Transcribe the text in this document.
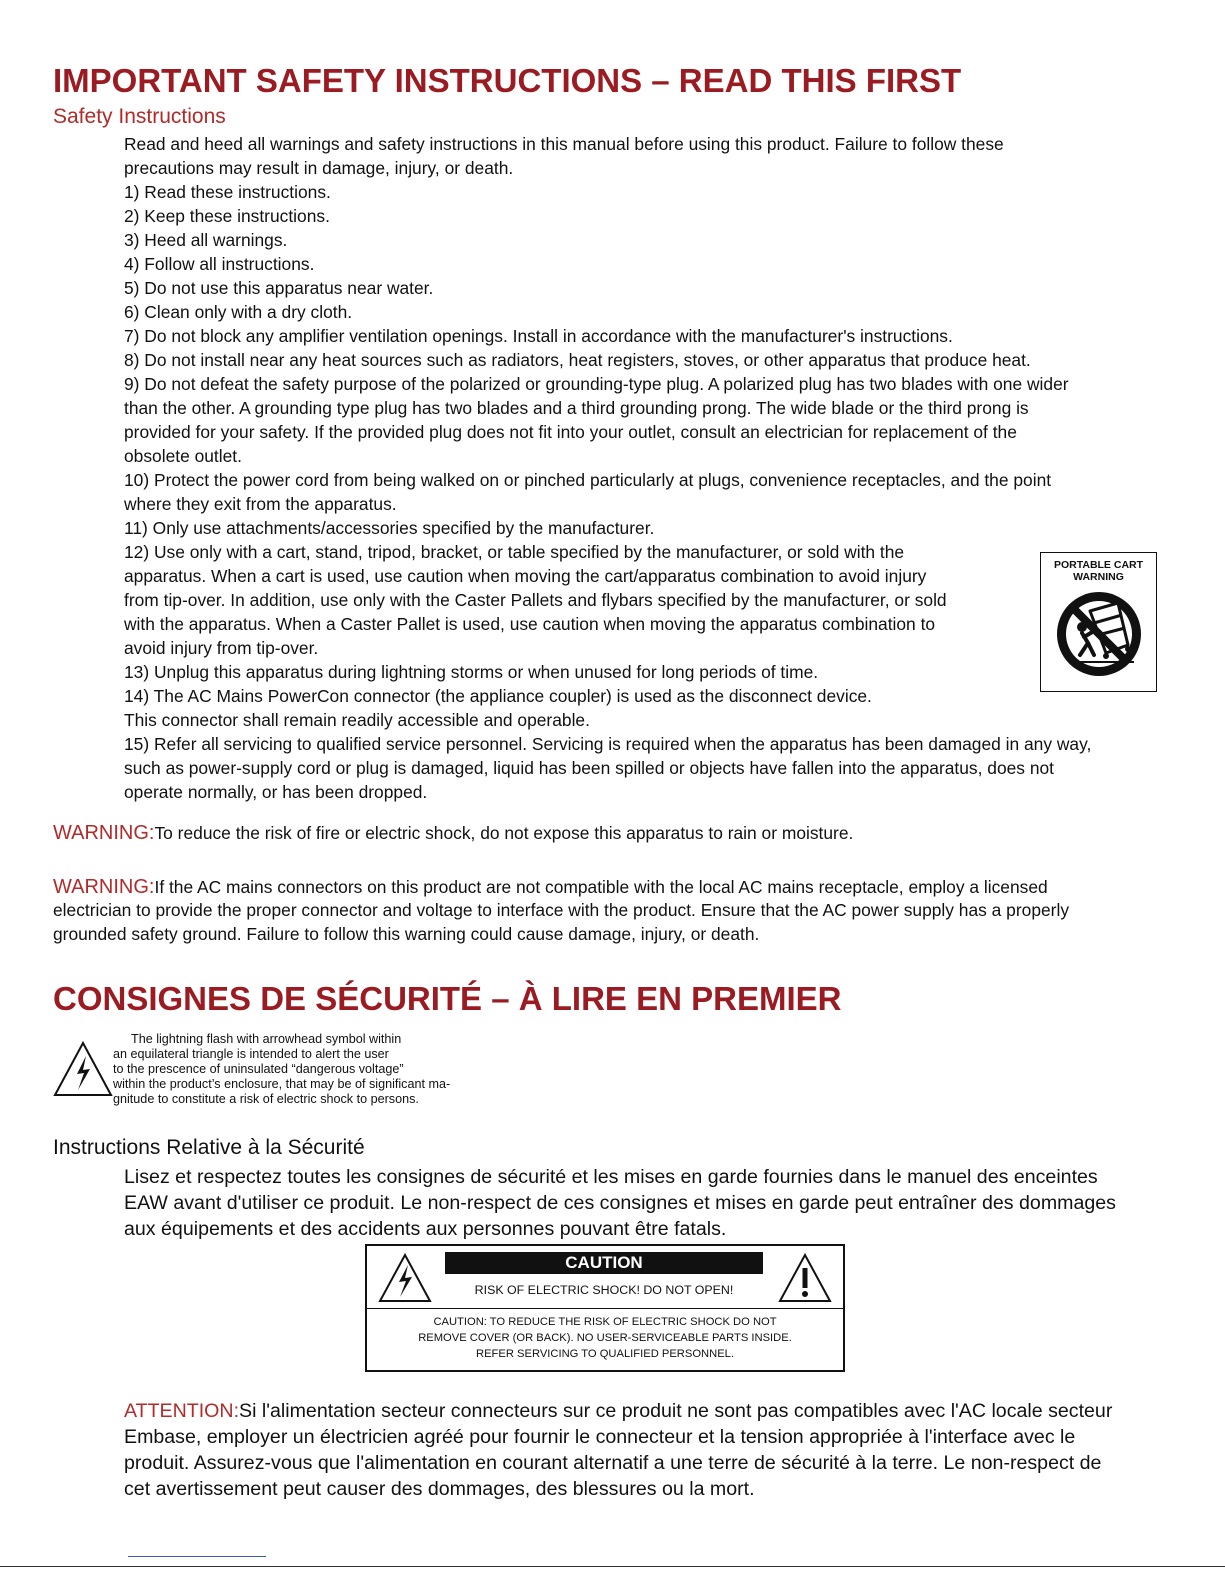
IMPORTANT SAFETY INSTRUCTIONS – READ THIS FIRST
Safety Instructions
Read and heed all warnings and safety instructions in this manual before using this product. Failure to follow these
precautions may result in damage, injury, or death.
1) Read these instructions.
2) Keep these instructions.
3) Heed all warnings.
4) Follow all instructions.
5) Do not use this apparatus near water.
6) Clean only with a dry cloth.
7) Do not block any amplifier ventilation openings. Install in accordance with the manufacturer's instructions.
8) Do not install near any heat sources such as radiators, heat registers, stoves, or other apparatus that produce heat.
9) Do not defeat the safety purpose of the polarized or grounding-type plug. A polarized plug has two blades with one wider
than the other. A grounding type plug has two blades and a third grounding prong. The wide blade or the third prong is
provided for your safety. If the provided plug does not fit into your outlet, consult an electrician for replacement of the
obsolete outlet.
10) Protect the power cord from being walked on or pinched particularly at plugs, convenience receptacles, and the point
where they exit from the apparatus.
11) Only use attachments/accessories specified by the manufacturer.
12) Use only with a cart, stand, tripod, bracket, or table specified by the manufacturer, or sold with the
apparatus. When a cart is used, use caution when moving the cart/apparatus combination to avoid injury
from tip-over. In addition, use only with the Caster Pallets and flybars specified by the manufacturer, or sold
with the apparatus. When a Caster Pallet is used, use caution when moving the apparatus combination to
avoid injury from tip-over.
13) Unplug this apparatus during lightning storms or when unused for long periods of time.
14) The AC Mains PowerCon connector (the appliance coupler) is used as the disconnect device.
This connector shall remain readily accessible and operable.
15) Refer all servicing to qualified service personnel. Servicing is required when the apparatus has been damaged in any way,
such as power-supply cord or plug is damaged, liquid has been spilled or objects have fallen into the apparatus, does not
operate normally, or has been dropped.
PORTABLE CART
WARNING
WARNING:To reduce the risk of fire or electric shock, do not expose this apparatus to rain or moisture.
WARNING:If the AC mains connectors on this product are not compatible with the local AC mains receptacle, employ a licensed
electrician to provide the proper connector and voltage to interface with the product. Ensure that the AC power supply has a properly
grounded safety ground. Failure to follow this warning could cause damage, injury, or death.
CONSIGNES DE SÉCURITÉ – À LIRE EN PREMIER
The lightning flash with arrowhead symbol within
an equilateral triangle is intended to alert the user
to the prescence of uninsulated “dangerous voltage”
within the product’s enclosure, that may be of significant ma-
gnitude to constitute a risk of electric shock to persons.
Instructions Relative à la Sécurité
Lisez et respectez toutes les consignes de sécurité et les mises en garde fournies dans le manuel des enceintes
EAW avant d'utiliser ce produit. Le non-respect de ces consignes et mises en garde peut entraîner des dommages
aux équipements et des accidents aux personnes pouvant être fatals.
CAUTION
RISK OF ELECTRIC SHOCK! DO NOT OPEN!
CAUTION: TO REDUCE THE RISK OF ELECTRIC SHOCK DO NOT
REMOVE COVER (OR BACK). NO USER-SERVICEABLE PARTS INSIDE.
REFER SERVICING TO QUALIFIED PERSONNEL.
ATTENTION:Si l'alimentation secteur connecteurs sur ce produit ne sont pas compatibles avec l'AC locale secteur
Embase, employer un électricien agréé pour fournir le connecteur et la tension appropriée à l'interface avec le
produit. Assurez-vous que l'alimentation en courant alternatif a une terre de sécurité à la terre. Le non-respect de
cet avertissement peut causer des dommages, des blessures ou la mort.
